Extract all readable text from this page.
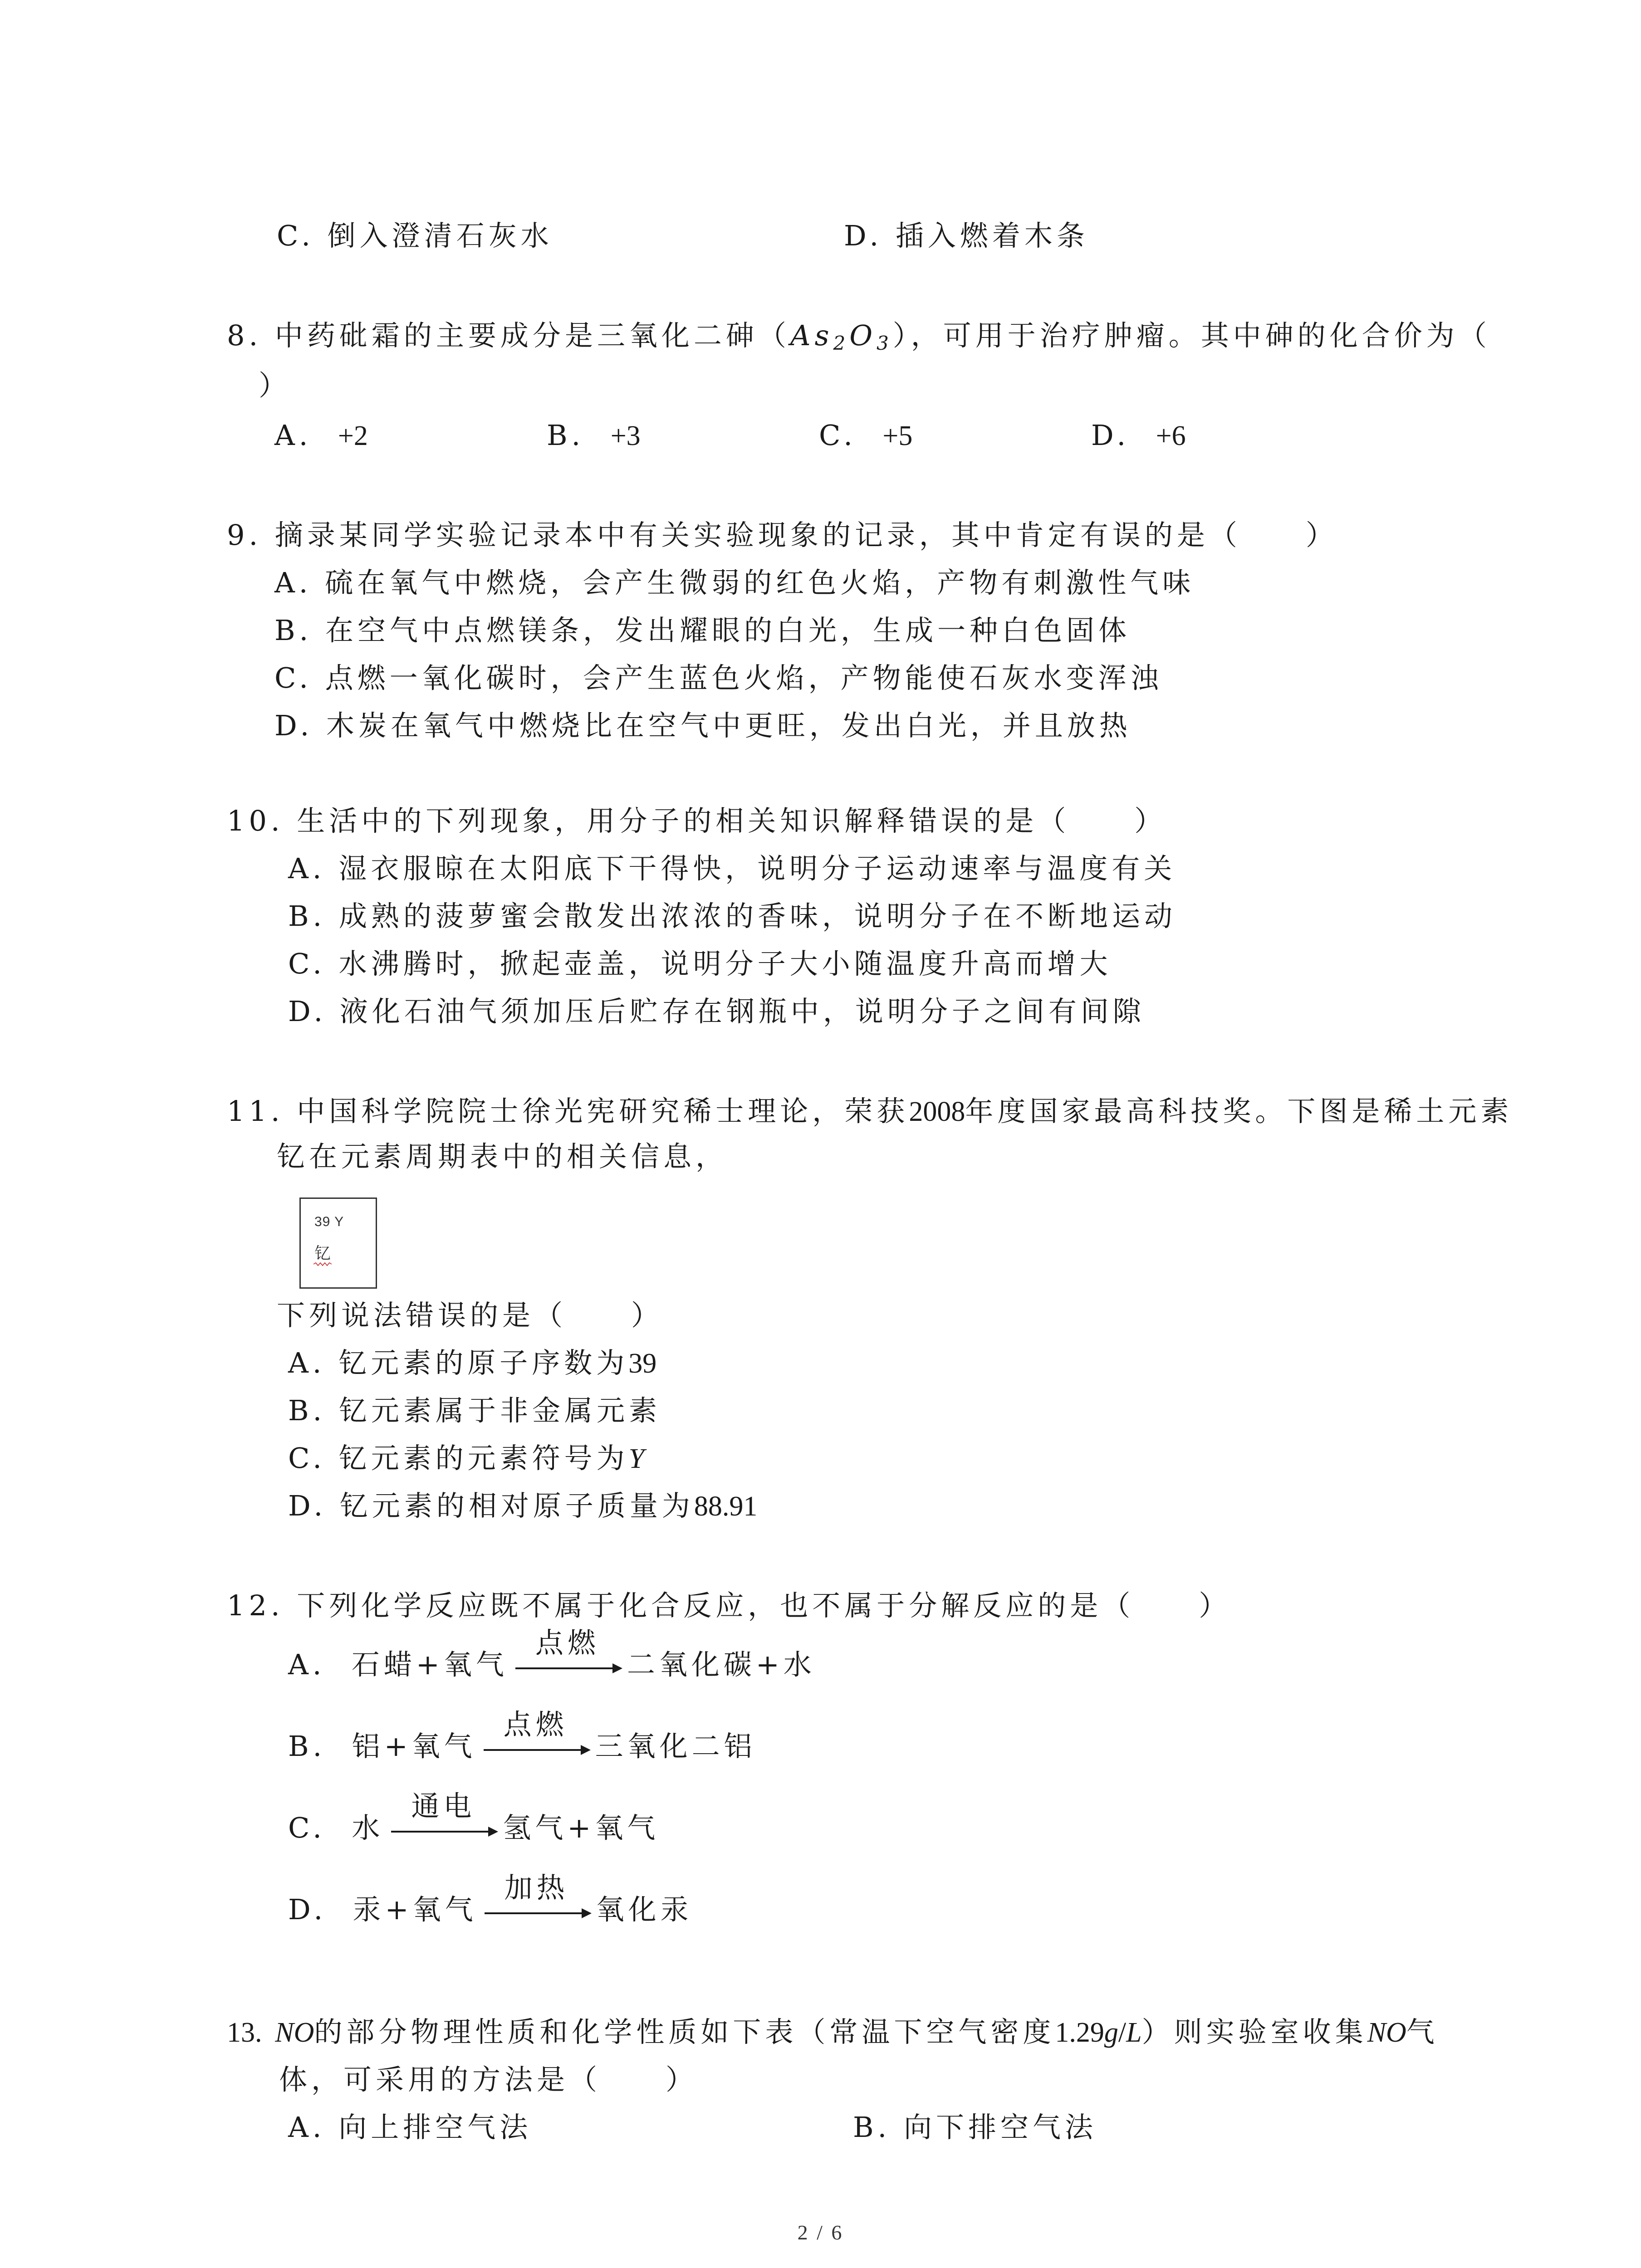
C. 倒入澄清石灰水	D. 插入燃着木条
8. 中药砒霜的主要成分是三氧化二砷$(As_2O_3)$，可用于治疗肿瘤。其中砷的化合价为（
）
A. +2	B. +3	C. +5	D. +6
9. 摘录某同学实验记录本中有关实验现象的记录，其中肯定有误的是（　　）
A. 硫在氧气中燃烧，会产生微弱的红色火焰，产物有刺激性气味
B. 在空气中点燃镁条，发出耀眼的白光，生成一种白色固体
C. 点燃一氧化碳时，会产生蓝色火焰，产物能使石灰水变浑浊
D. 木炭在氧气中燃烧比在空气中更旺，发出白光，并且放热
10. 生活中的下列现象，用分子的相关知识解释错误的是（　　）
A. 湿衣服晾在太阳底下干得快，说明分子运动速率与温度有关
B. 成熟的菠萝蜜会散发出浓浓的香味，说明分子在不断地运动
C. 水沸腾时，掀起壶盖，说明分子大小随温度升高而增大
D. 液化石油气须加压后贮存在钢瓶中，说明分子之间有间隙
11. 中国科学院院士徐光宪研究稀士理论，荣获2008年度国家最高科技奖。下图是稀土元素
钇在元素周期表中的相关信息，
39 Y
钇
下列说法错误的是（　　）
A. 钇元素的原子序数为39
B. 钇元素属于非金属元素
C. 钇元素的元素符号为Y
D. 钇元素的相对原子质量为88.91
12. 下列化学反应既不属于化合反应，也不属于分解反应的是（　　）
A. 石蜡+氧气
点燃
二氧化碳+水
B. 铝+氧气
点燃
三氧化二铝
C. 水
通电
氢气+氧气
D. 汞+氧气
加热
氧化汞
13. NO的部分物理性质和化学性质如下表（常温下空气密度1.29g/L）则实验室收集NO气
体，可采用的方法是（　　）
A. 向上排空气法	B. 向下排空气法
2 / 6
